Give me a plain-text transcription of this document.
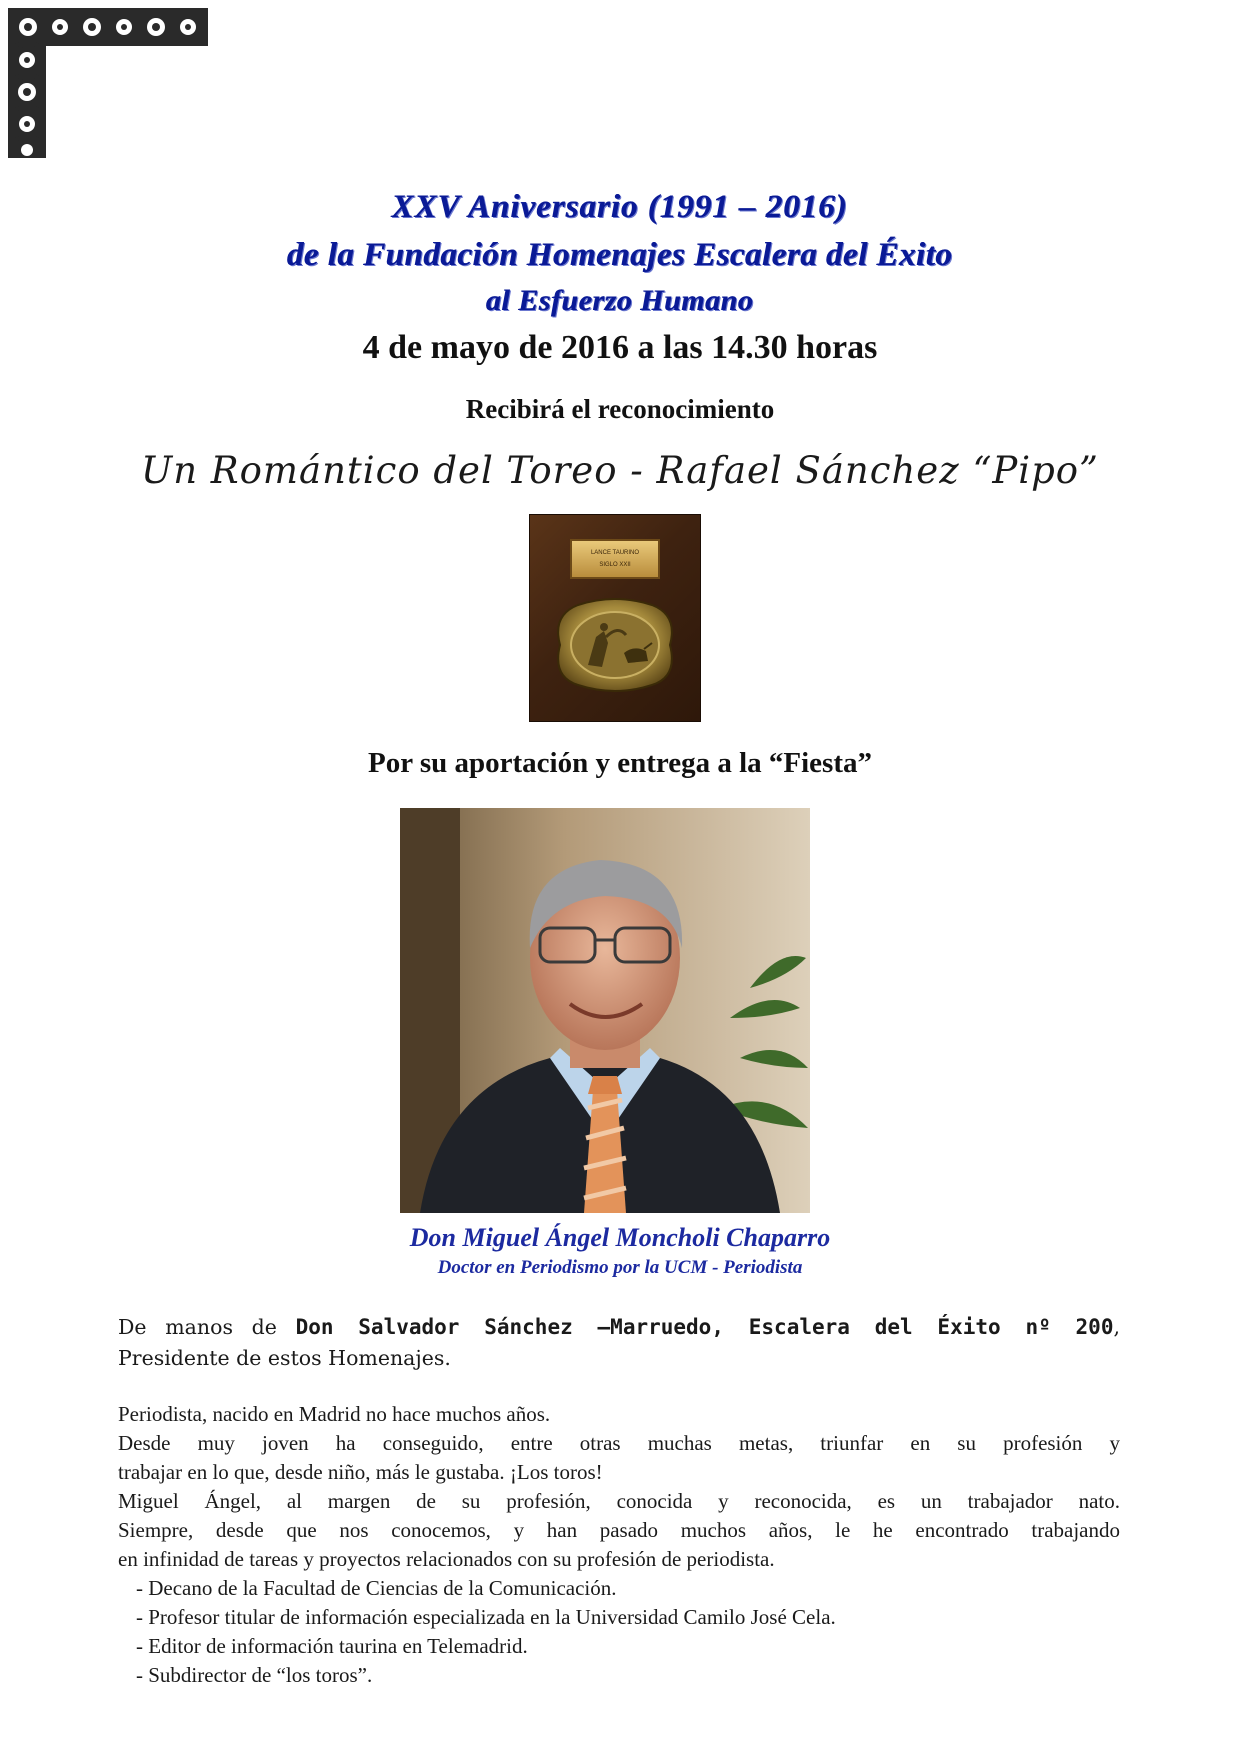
XXV Aniversario (1991 – 2016)
de la Fundación Homenajes Escalera del Éxito
al Esfuerzo Humano
4 de mayo de 2016 a las 14.30 horas
Recibirá el reconocimiento
Un Romántico del Toreo - Rafael Sánchez “Pipo”
LANCE TAURINO
SIGLO XXII
Por su aportación y entrega a la “Fiesta”
Don Miguel Ángel Moncholi Chaparro
Doctor en Periodismo por la UCM - Periodista

De manos de Don Salvador Sánchez –Marruedo, Escalera del Éxito nº 200,

Presidente de estos Homenajes.

Periodista, nacido en Madrid no hace muchos años.

Desde muy joven ha conseguido, entre otras muchas metas, triunfar en su profesión y

trabajar en lo que, desde niño, más le gustaba. ¡Los toros!

Miguel Ángel, al margen de su profesión, conocida y reconocida, es un trabajador nato.

Siempre, desde que nos conocemos, y han pasado muchos años, le he encontrado trabajando

en infinidad de tareas y proyectos relacionados con su profesión de periodista.

- Decano de la Facultad de Ciencias de la Comunicación.
- Profesor titular de información especializada en la Universidad Camilo José Cela.
- Editor de información taurina en Telemadrid.
- Subdirector de “los toros”.
